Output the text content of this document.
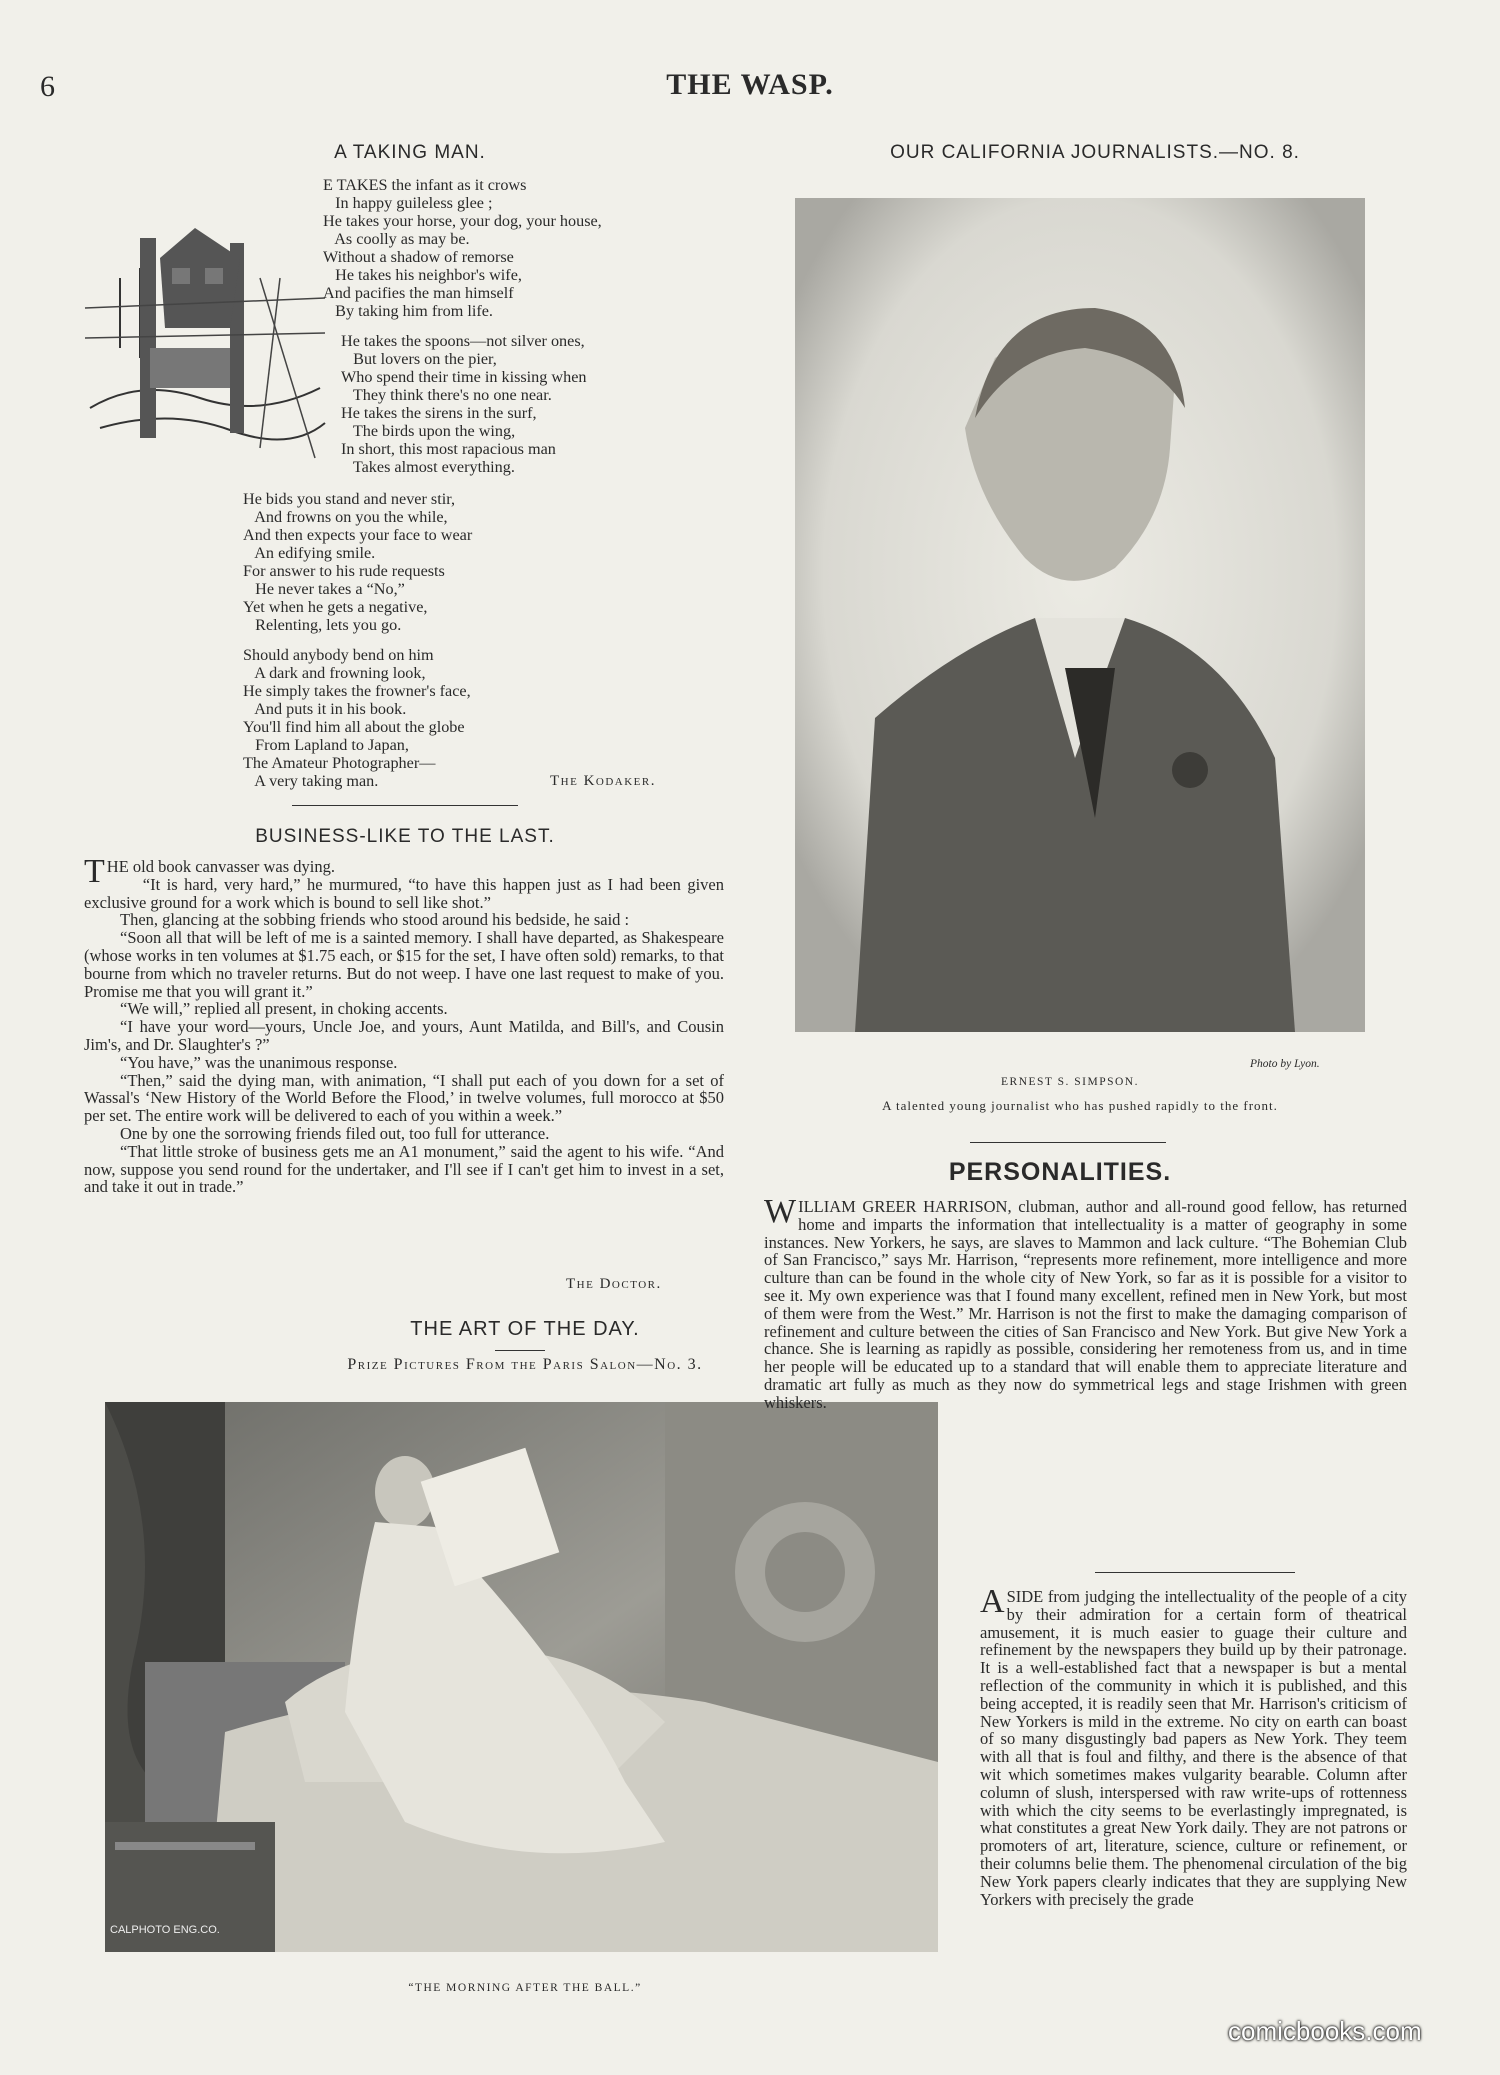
6	THE WASP.
A TAKING MAN.
E TAKES the infant as it crows
In happy guileless glee ;
He takes your horse, your dog, your house,
As coolly as may be.
Without a shadow of remorse
He takes his neighbor's wife,
And pacifies the man himself
By taking him from life.
He takes the spoons—not silver ones,
But lovers on the pier,
Who spend their time in kissing when
They think there's no one near.
He takes the sirens in the surf,
The birds upon the wing,
In short, this most rapacious man
Takes almost everything.
He bids you stand and never stir,
And frowns on you the while,
And then expects your face to wear
An edifying smile.
For answer to his rude requests
He never takes a “No,”
Yet when he gets a negative,
Relenting, lets you go.
Should anybody bend on him
A dark and frowning look,
He simply takes the frowner's face,
And puts it in his book.
You'll find him all about the globe
From Lapland to Japan,
The Amateur Photographer—
A very taking man.	The Kodaker.
BUSINESS-LIKE TO THE LAST.
THE old book canvasser was dying.
“It is hard, very hard,” he murmured, “to have this happen just as I had been given exclusive ground for a work which is bound to sell like shot.”
Then, glancing at the sobbing friends who stood around his bedside, he said :
“Soon all that will be left of me is a sainted memory. I shall have departed, as Shakespeare (whose works in ten volumes at $1.75 each, or $15 for the set, I have often sold) remarks, to that bourne from which no traveler returns. But do not weep. I have one last request to make of you. Promise me that you will grant it.”
“We will,” replied all present, in choking accents.
“I have your word—yours, Uncle Joe, and yours, Aunt Matilda, and Bill's, and Cousin Jim's, and Dr. Slaughter's ?”
“You have,” was the unanimous response.
“Then,” said the dying man, with animation, “I shall put each of you down for a set of Wassal's ‘New History of the World Before the Flood,’ in twelve volumes, full morocco at $50 per set. The entire work will be delivered to each of you within a week.”
One by one the sorrowing friends filed out, too full for utterance.
“That little stroke of business gets me an A1 monument,” said the agent to his wife. “And now, suppose you send round for the undertaker, and I'll see if I can't get him to invest in a set, and take it out in trade.”
The Doctor.
THE ART OF THE DAY.
Prize Pictures From the Paris Salon—No. 3.
CALPHOTO ENG.CO.
“THE MORNING AFTER THE BALL.”
OUR CALIFORNIA JOURNALISTS.—NO. 8.
Photo by Lyon.
ERNEST S. SIMPSON.
A talented young journalist who has pushed rapidly to the front.
PERSONALITIES.
WILLIAM GREER HARRISON, clubman, author and all-round good fellow, has returned home and imparts the information that intellectuality is a matter of geography in some instances. New Yorkers, he says, are slaves to Mammon and lack culture. “The Bohemian Club of San Francisco,” says Mr. Harrison, “represents more refinement, more intelligence and more culture than can be found in the whole city of New York, so far as it is possible for a visitor to see it. My own experience was that I found many excellent, refined men in New York, but most of them were from the West.” Mr. Harrison is not the first to make the damaging comparison of refinement and culture between the cities of San Francisco and New York. But give New York a chance. She is learning as rapidly as possible, considering her remoteness from us, and in time her people will be educated up to a standard that will enable them to appreciate literature and dramatic art fully as much as they now do symmetrical legs and stage Irishmen with green whiskers.
ASIDE from judging the intellectuality of the people of a city by their admiration for a certain form of theatrical amusement, it is much easier to guage their culture and refinement by the newspapers they build up by their patronage. It is a well-established fact that a newspaper is but a mental reflection of the community in which it is published, and this being accepted, it is readily seen that Mr. Harrison's criticism of New Yorkers is mild in the extreme. No city on earth can boast of so many disgustingly bad papers as New York. They teem with all that is foul and filthy, and there is the absence of that wit which sometimes makes vulgarity bearable. Column after column of slush, interspersed with raw write-ups of rottenness with which the city seems to be everlastingly impregnated, is what constitutes a great New York daily. They are not patrons or promoters of art, literature, science, culture or refinement, or their columns belie them. The phenomenal circulation of the big New York papers clearly indicates that they are supplying New Yorkers with precisely the grade
comicbooks.com
